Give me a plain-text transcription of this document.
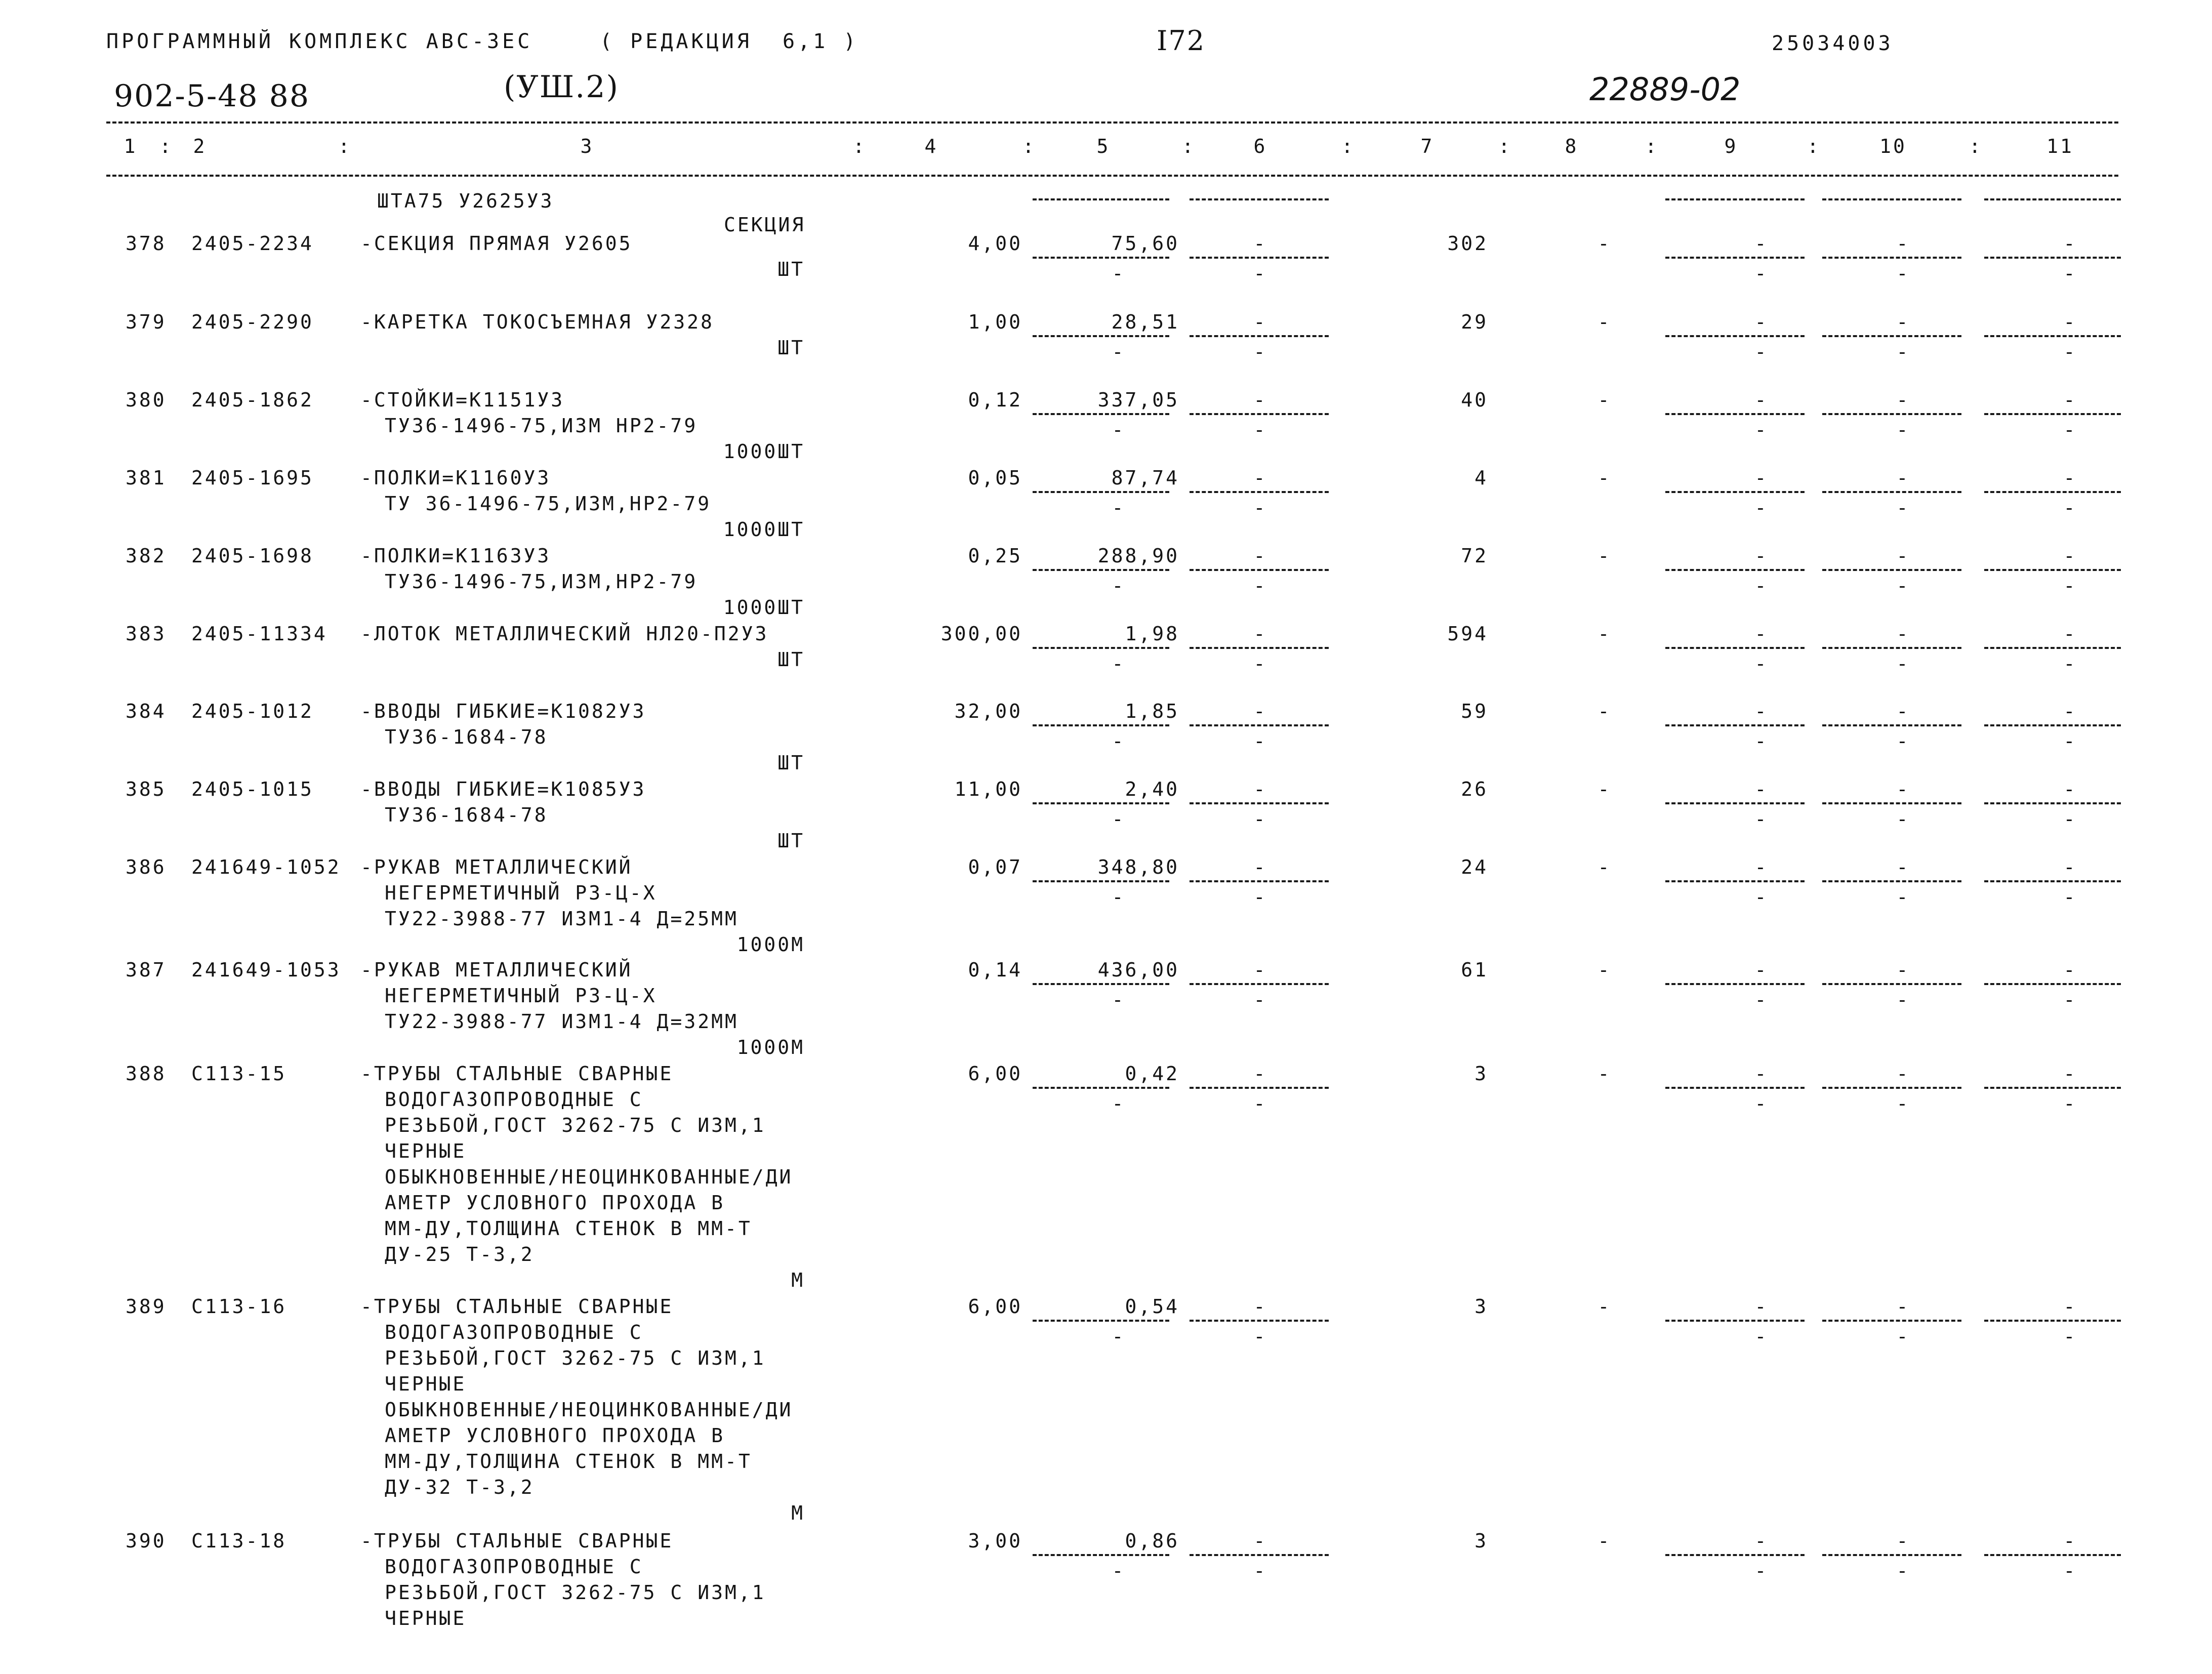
ПРОГРАММНЫЙ КОМПЛЕКС АВС-ЗЕС	( РЕДАКЦИЯ  6,1 )	I72	25034003
902-5-48 88	(УШ.2)	22889-02
1	2	3	4	5	6	7	8	9	10	11
:	:	:	:	:	:	:	:	:	:
ШТА75 У2625У3
СЕКЦИЯ
378 2405-2234 -СЕКЦИЯ ПРЯМАЯ У2605
ШТ
4,00	75,60	-	302	-	-	-	-
-	-	-	-	-
379 2405-2290 -КАРЕТКА ТОКОСЪЕМНАЯ У2328
ШТ
1,00	28,51	-	29	-	-	-	-
-	-	-	-	-
380 2405-1862 -СТОЙКИ=К1151У3
ТУ36-1496-75,ИЗМ НР2-79
1000ШТ
0,12	337,05	-	40	-	-	-	-
-	-	-	-	-
381 2405-1695 -ПОЛКИ=К1160У3
ТУ 36-1496-75,ИЗМ,НР2-79
1000ШТ
0,05	87,74	-	4	-	-	-	-
-	-	-	-	-
382 2405-1698 -ПОЛКИ=К1163У3
ТУ36-1496-75,ИЗМ,НР2-79
1000ШТ
0,25	288,90	-	72	-	-	-	-
-	-	-	-	-
383 2405-11334 -ЛОТОК МЕТАЛЛИЧЕСКИЙ НЛ20-П2У3
ШТ
300,00	1,98	-	594	-	-	-	-
-	-	-	-	-
384 2405-1012 -ВВОДЫ ГИБКИЕ=К1082У3
ТУ36-1684-78
ШТ
32,00	1,85	-	59	-	-	-	-
-	-	-	-	-
385 2405-1015 -ВВОДЫ ГИБКИЕ=К1085У3
ТУ36-1684-78
ШТ
11,00	2,40	-	26	-	-	-	-
-	-	-	-	-
386 241649-1052 -РУКАВ МЕТАЛЛИЧЕСКИЙ
НЕГЕРМЕТИЧНЫЙ Р3-Ц-Х
ТУ22-3988-77 ИЗМ1-4 Д=25ММ
1000М
0,07	348,80	-	24	-	-	-	-
-	-	-	-	-
387 241649-1053 -РУКАВ МЕТАЛЛИЧЕСКИЙ
НЕГЕРМЕТИЧНЫЙ Р3-Ц-Х
ТУ22-3988-77 ИЗМ1-4 Д=32ММ
1000М
0,14	436,00	-	61	-	-	-	-
-	-	-	-	-
388 С113-15	-ТРУБЫ СТАЛЬНЫЕ СВАРНЫЕ
ВОДОГАЗОПРОВОДНЫЕ С
РЕЗЬБОЙ,ГОСТ 3262-75 С ИЗМ,1
ЧЕРНЫЕ
ОБЫКНОВЕННЫЕ/НЕОЦИНКОВАННЫЕ/ДИ
АМЕТР УСЛОВНОГО ПРОХОДА В
ММ-ДУ,ТОЛЩИНА СТЕНОК В ММ-Т
ДУ-25 Т-3,2
М
6,00	0,42	-	3	-	-	-	-
-	-	-	-	-
389 С113-16	-ТРУБЫ СТАЛЬНЫЕ СВАРНЫЕ
ВОДОГАЗОПРОВОДНЫЕ С
РЕЗЬБОЙ,ГОСТ 3262-75 С ИЗМ,1
ЧЕРНЫЕ
ОБЫКНОВЕННЫЕ/НЕОЦИНКОВАННЫЕ/ДИ
АМЕТР УСЛОВНОГО ПРОХОДА В
ММ-ДУ,ТОЛЩИНА СТЕНОК В ММ-Т
ДУ-32 Т-3,2
М
6,00	0,54	-	3	-	-	-	-
-	-	-	-	-
390 С113-18	-ТРУБЫ СТАЛЬНЫЕ СВАРНЫЕ
ВОДОГАЗОПРОВОДНЫЕ С
РЕЗЬБОЙ,ГОСТ 3262-75 С ИЗМ,1
ЧЕРНЫЕ
3,00	0,86	-	3	-	-	-	-
-	-	-	-	-
